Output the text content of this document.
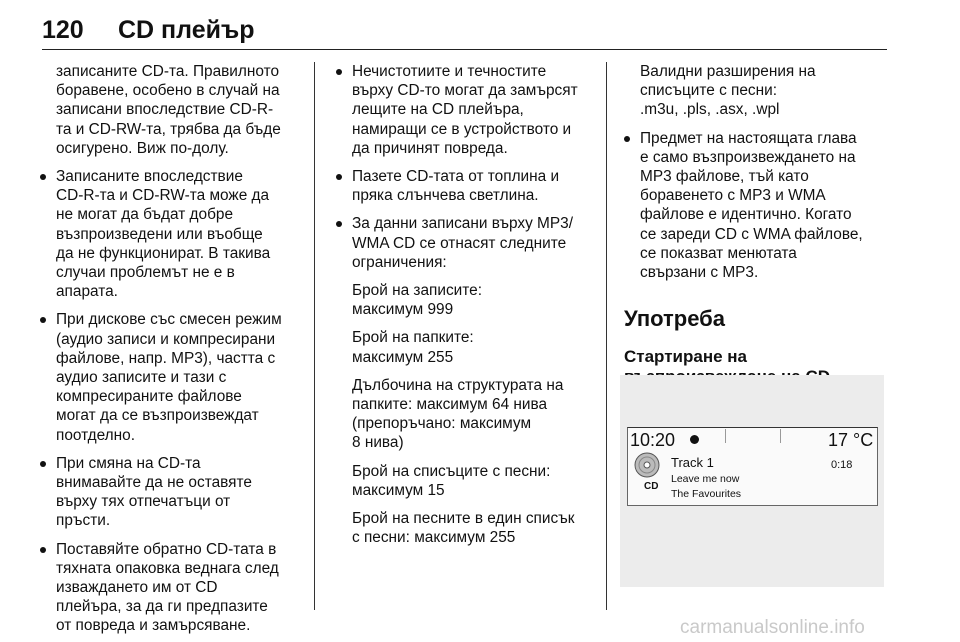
120 CD плейър
записаните CD-та. Правилното
боравене, особено в случай на
записани впоследствие CD-R-
та и CD-RW-та, трябва да бъде
осигурено. Виж по-долу.
Записаните впоследствие
CD-R-та и CD-RW-та може да
не могат да бъдат добре
възпроизведени или въобще
да не функционират. В такива
случаи проблемът не е в
апарата.
При дискове със смесен режим
(аудио записи и компресирани
файлове, напр. MP3), частта с
аудио записите и тази с
компресираните файлове
могат да се възпроизвеждат
поотделно.
При смяна на CD-та
внимавайте да не оставяте
върху тях отпечатъци от
пръсти.
Поставяйте обратно CD-тата в
тяхната опаковка веднага след
изваждането им от CD
плейъра, за да ги предпазите
от повреда и замърсяване.
Нечистотиите и течностите
върху CD-то могат да замърсят
лещите на CD плейъра,
намиращи се в устройството и
да причинят повреда.
Пазете CD-тата от топлина и
пряка слънчева светлина.
За данни записани върху MP3/
WMA CD се отнасят следните
ограничения:
Брой на записите:
максимум 999
Брой на папките:
максимум 255
Дълбочина на структурата на
папките: максимум 64 нива
(препоръчано: максимум
8 нива)
Брой на списъците с песни:
максимум 15
Брой на песните в един списък
с песни: максимум 255
Валидни разширения на
списъците с песни:
.m3u, .pls, .asx, .wpl
Предмет на настоящата глава
е само възпроизвеждането на
MP3 файлове, тъй като
боравенето с MP3 и WMA
файлове е идентично. Когато
се зареди CD с WMA файлове,
се показват менютата
свързани с MP3.
Употреба
Стартиране на
10:20	17 °C
CD
Track 1	0:18
Leave me now
The Favourites
carmanualsonline.info
